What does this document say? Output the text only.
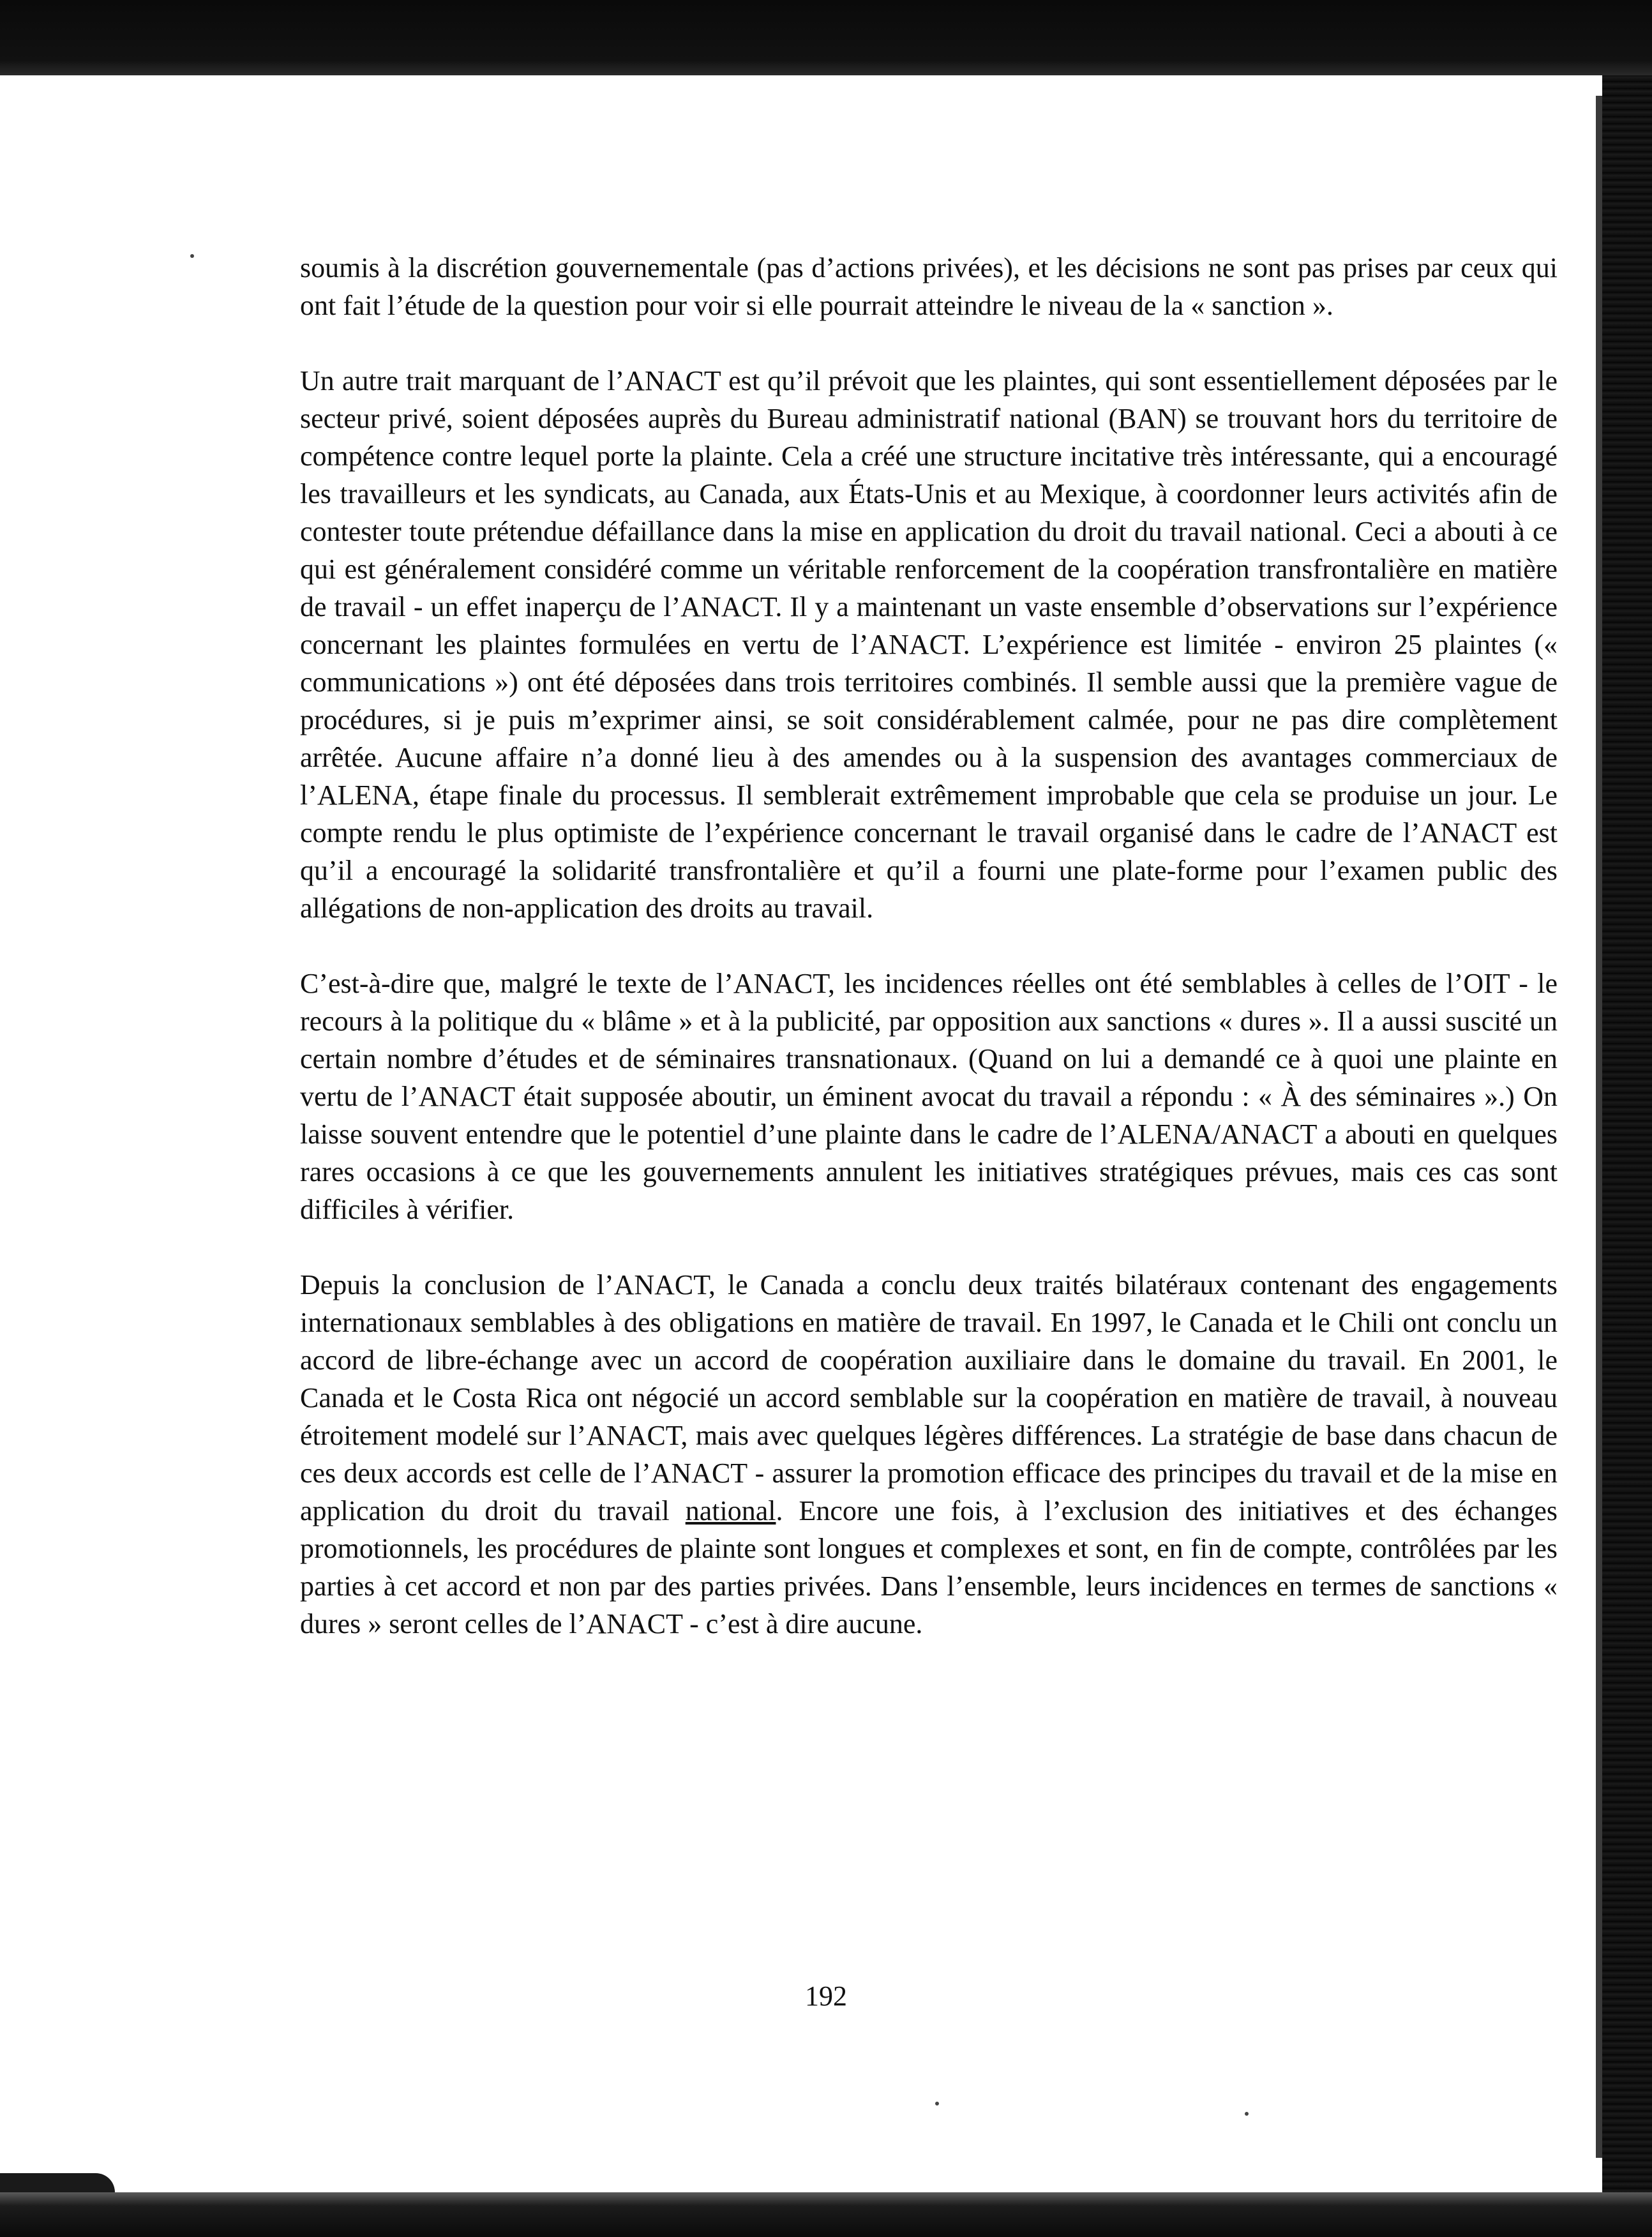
soumis à la discrétion gouvernementale (pas d’actions privées), et les décisions ne sont pas prises par ceux qui ont fait l’étude de la question pour voir si elle pourrait atteindre le niveau de la « sanction ».

Un autre trait marquant de l’ANACT est qu’il prévoit que les plaintes, qui sont essentiellement déposées par le secteur privé, soient déposées auprès du Bureau administratif national (BAN) se trouvant hors du territoire de compétence contre lequel porte la plainte. Cela a créé une structure incitative très intéressante, qui a encouragé les travailleurs et les syndicats, au Canada, aux États-Unis et au Mexique, à coordonner leurs activités afin de contester toute prétendue défaillance dans la mise en application du droit du travail national. Ceci a abouti à ce qui est généralement considéré comme un véritable renforcement de la coopération transfrontalière en matière de travail - un effet inaperçu de l’ANACT. Il y a maintenant un vaste ensemble d’observations sur l’expérience concernant les plaintes formulées en vertu de l’ANACT. L’expérience est limitée - environ 25 plaintes (« communications ») ont été déposées dans trois territoires combinés. Il semble aussi que la première vague de procédures, si je puis m’exprimer ainsi, se soit considérablement calmée, pour ne pas dire complètement arrêtée. Aucune affaire n’a donné lieu à des amendes ou à la suspension des avantages commerciaux de l’ALENA, étape finale du processus. Il semblerait extrêmement improbable que cela se produise un jour. Le compte rendu le plus optimiste de l’expérience concernant le travail organisé dans le cadre de l’ANACT est qu’il a encouragé la solidarité transfrontalière et qu’il a fourni une plate-forme pour l’examen public des allégations de non-application des droits au travail.

C’est-à-dire que, malgré le texte de l’ANACT, les incidences réelles ont été semblables à celles de l’OIT - le recours à la politique du « blâme » et à la publicité, par opposition aux sanctions « dures ». Il a aussi suscité un certain nombre d’études et de séminaires transnationaux. (Quand on lui a demandé ce à quoi une plainte en vertu de l’ANACT était supposée aboutir, un éminent avocat du travail a répondu : « À des séminaires ».) On laisse souvent entendre que le potentiel d’une plainte dans le cadre de l’ALENA/ANACT a abouti en quelques rares occasions à ce que les gouvernements annulent les initiatives stratégiques prévues, mais ces cas sont difficiles à vérifier.

Depuis la conclusion de l’ANACT, le Canada a conclu deux traités bilatéraux contenant des engagements internationaux semblables à des obligations en matière de travail. En 1997, le Canada et le Chili ont conclu un accord de libre-échange avec un accord de coopération auxiliaire dans le domaine du travail. En 2001, le Canada et le Costa Rica ont négocié un accord semblable sur la coopération en matière de travail, à nouveau étroitement modelé sur l’ANACT, mais avec quelques légères différences. La stratégie de base dans chacun de ces deux accords est celle de l’ANACT - assurer la promotion efficace des principes du travail et de la mise en application du droit du travail national. Encore une fois, à l’exclusion des initiatives et des échanges promotionnels, les procédures de plainte sont longues et complexes et sont, en fin de compte, contrôlées par les parties à cet accord et non par des parties privées. Dans l’ensemble, leurs incidences en termes de sanctions « dures » seront celles de l’ANACT - c’est à dire aucune.

192
